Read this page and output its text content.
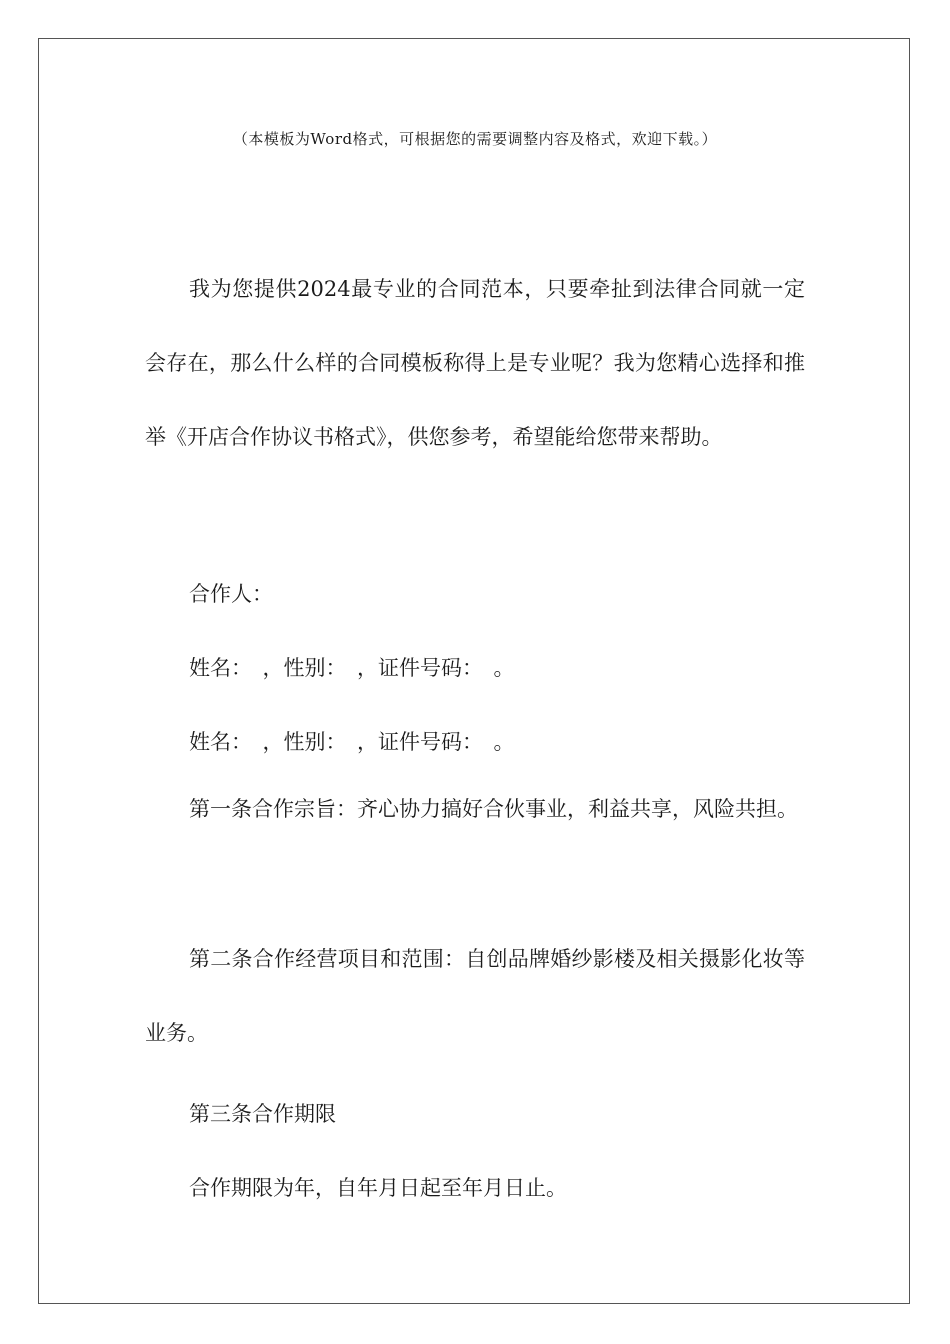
（本模板为Word格式，可根据您的需要调整内容及格式，欢迎下载。）

我为您提供2024最专业的合同范本，只要牵扯到法律合同就一定会存在，那么什么样的合同模板称得上是专业呢？我为您精心选择和推举《开店合作协议书格式》，供您参考，希望能给您带来帮助。

合作人：

姓名：　，性别：　，证件号码：　。

姓名：　，性别：　，证件号码：　。

第一条合作宗旨：齐心协力搞好合伙事业，利益共享，风险共担。

第二条合作经营项目和范围：自创品牌婚纱影楼及相关摄影化妆等业务。

第三条合作期限

合作期限为年，自年月日起至年月日止。
